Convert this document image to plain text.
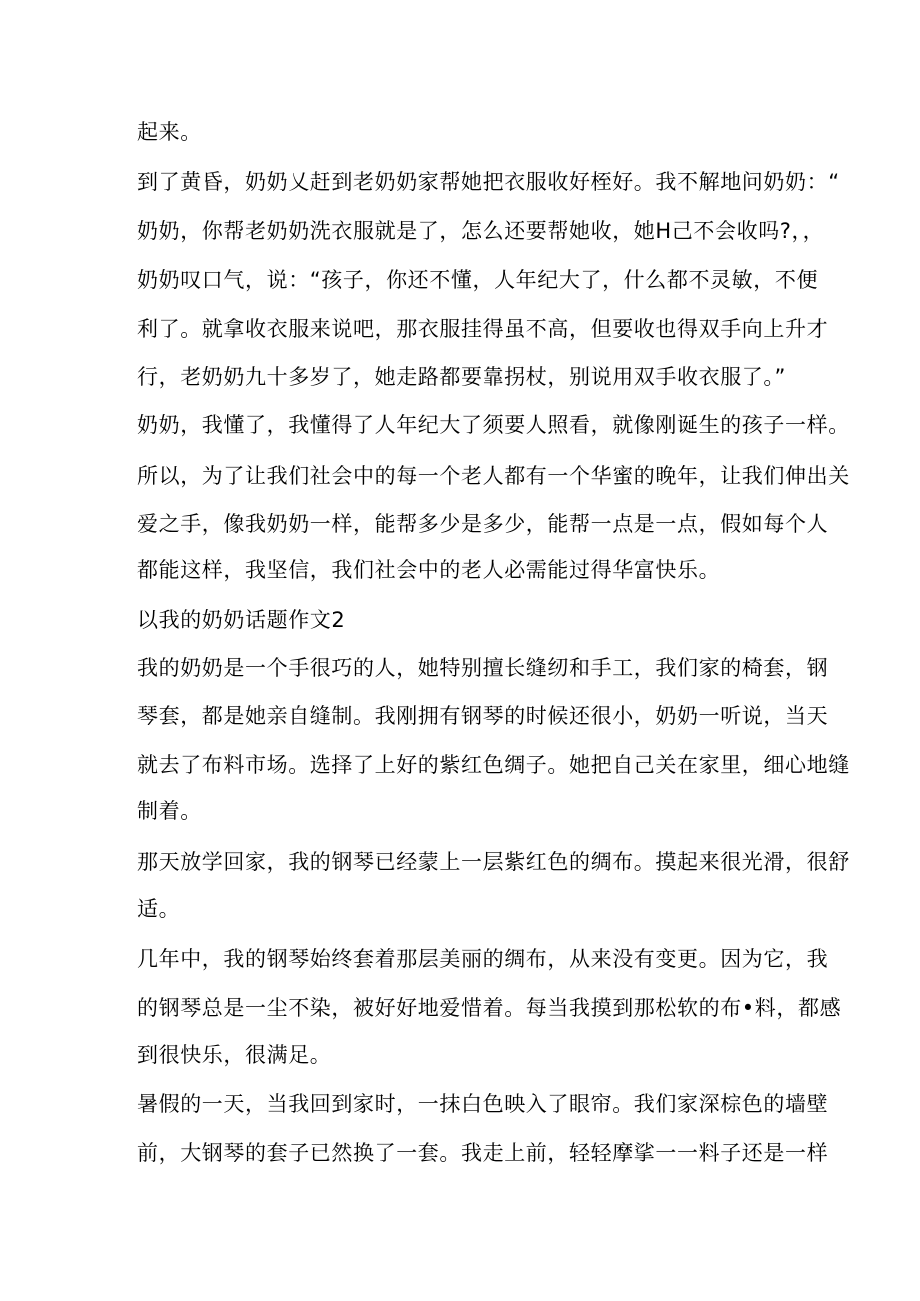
起来。
到了黄昏，奶奶乂赶到老奶奶家帮她把衣服收好桎好。我不解地问奶奶：“
奶奶，你帮老奶奶洗衣服就是了，怎么还要帮她收，她H己不会收吗?，，
奶奶叹口气，说：“孩子，你还不懂，人年纪大了，什么都不灵敏，不便
利了。就拿收衣服来说吧，那衣服挂得虽不高，但要收也得双手向上升才
行，老奶奶九十多岁了，她走路都要靠拐杖，别说用双手收衣服了。”
奶奶，我懂了，我懂得了人年纪大了须要人照看，就像刚诞生的孩子一样。
所以，为了让我们社会中的每一个老人都有一个华蜜的晚年，让我们伸出关
爱之手，像我奶奶一样，能帮多少是多少，能帮一点是一点，假如每个人
都能这样，我坚信，我们社会中的老人必需能过得华富快乐。
以我的奶奶话题作文2
我的奶奶是一个手很巧的人，她特别擅长缝纫和手工，我们家的椅套，钢
琴套，都是她亲自缝制。我刚拥有钢琴的时候还很小，奶奶一听说，当天
就去了布料市场。选择了上好的紫红色绸子。她把自己关在家里，细心地缝
制着。
那天放学回家，我的钢琴已经蒙上一层紫红色的绸布。摸起来很光滑，很舒
适。
几年中，我的钢琴始终套着那层美丽的绸布，从来没有变更。因为它，我
的钢琴总是一尘不染，被好好地爱惜着。每当我摸到那松软的布•料，都感
到很快乐，很满足。
暑假的一天，当我回到家时，一抹白色映入了眼帘。我们家深棕色的墙壁
前，大钢琴的套子已然换了一套。我走上前，轻轻摩挲一一料子还是一样
